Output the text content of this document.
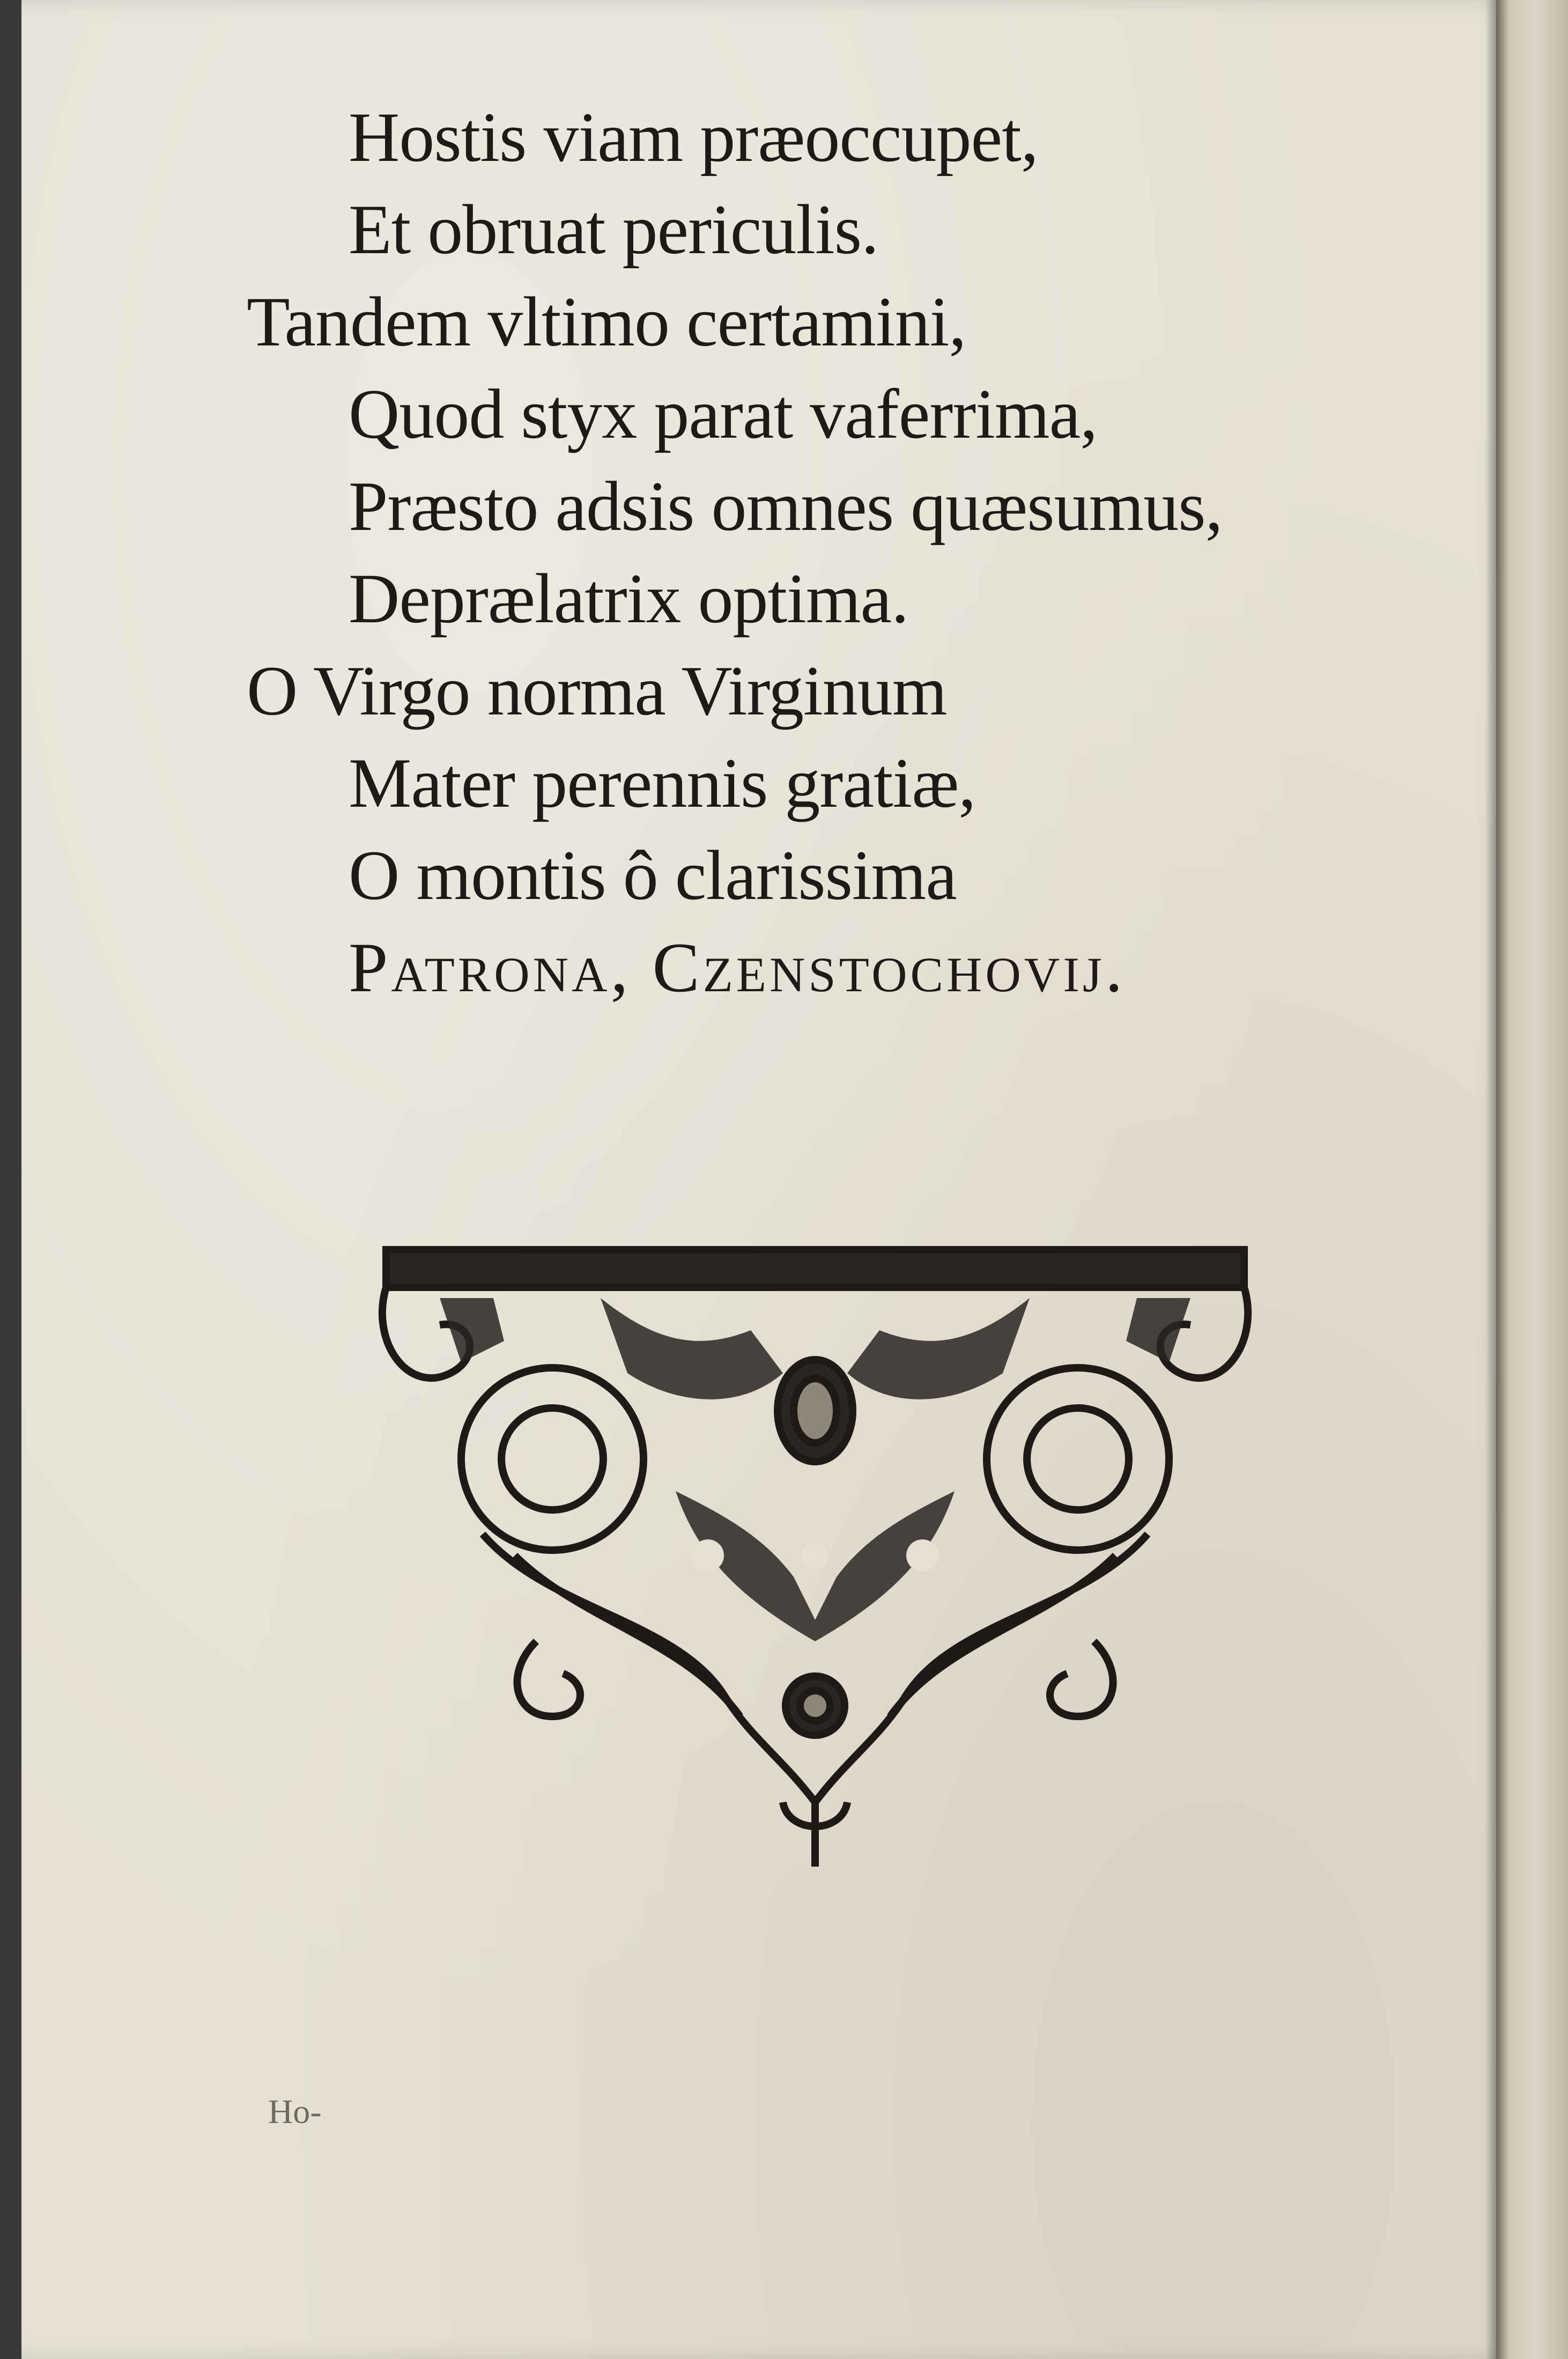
Hostis viam præoccupet,
Et obruat periculis.
Tandem vltimo certamini,
Quod styx parat vaferrima,
Præsto adsis omnes quæsumus,
Deprælatrix optima.
O Virgo norma Virginum
Mater perennis gratiæ,
O montis ô clarissima
Patrona, Czenstochovij.
Ho-
